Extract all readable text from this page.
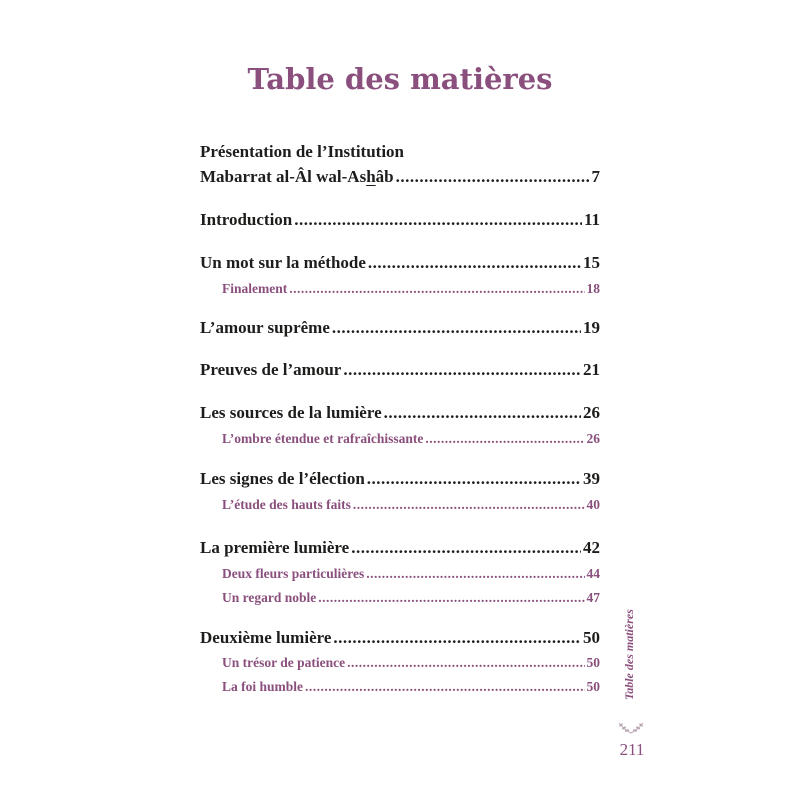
Table des matières
Présentation de l’Institution
Mabarrat al-Âl wal-Ashâb .....	7
Introduction .....	11
Un mot sur la méthode .....	15
Finalement .....	18
L’amour suprême .....	19
Preuves de l’amour .....	21
Les sources de la lumière .....	26
L’ombre étendue et rafraîchissante .....	26
Les signes de l’élection .....	39
L’étude des hauts faits .....	40
La première lumière .....	42
Deux fleurs particulières .....	44
Un regard noble .....	47
Deuxième lumière .....	50
Un trésor de patience .....	50
La foi humble .....	50 Table des matières
211
